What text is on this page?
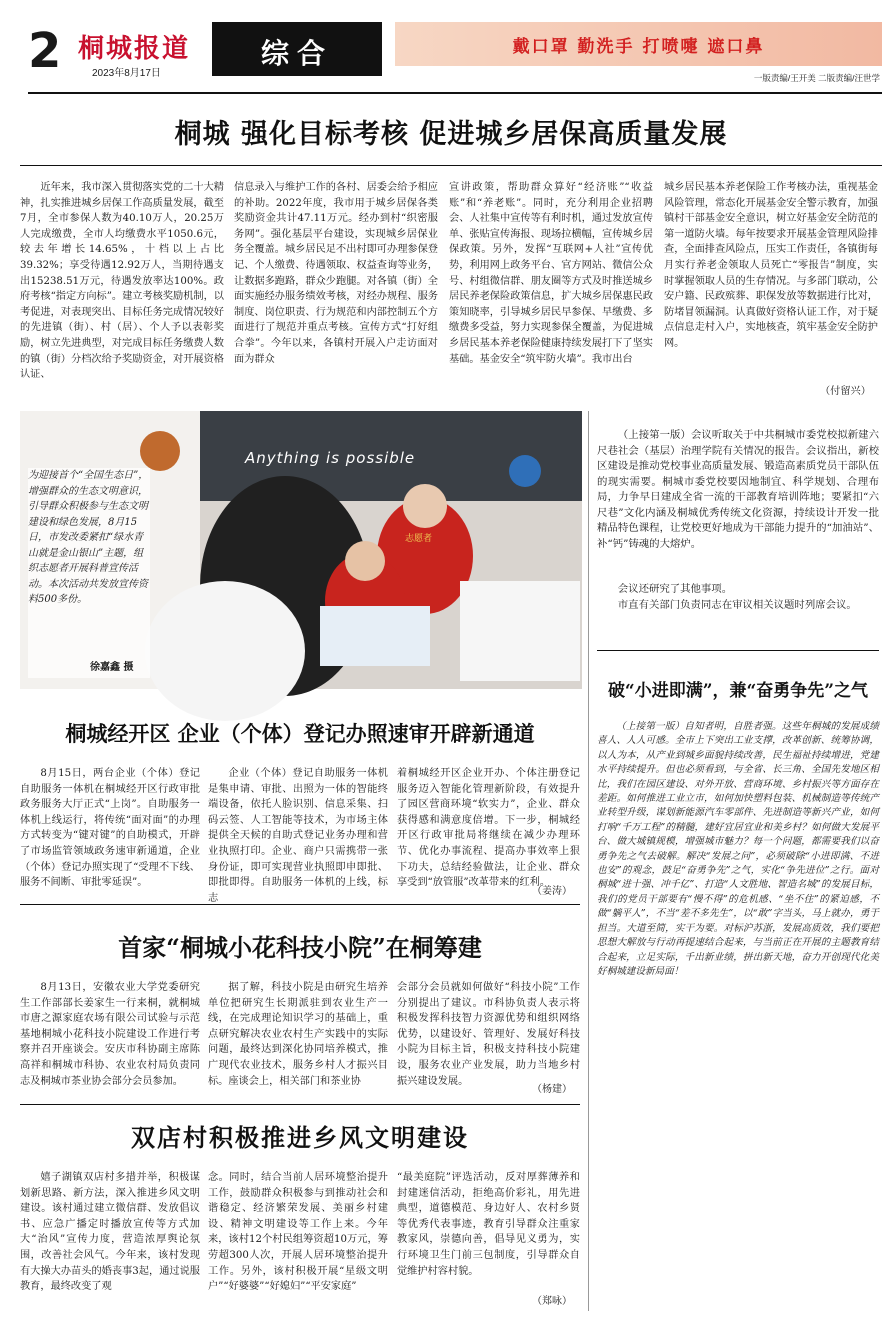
2 桐城报道
2023年8月17日
综合	戴口罩 勤洗手 打喷嚏 遮口鼻
一版责编/王开美 二版责编/汪世学
桐城 强化目标考核 促进城乡居保高质量发展
近年来，我市深入贯彻落实党的二十大精神，扎实推进城乡居保工作高质量发展，截至7月，全市参保人数为40.10万人，20.25万人完成缴费，全市人均缴费水平1050.6元，较去年增长14.65%，十档以上占比39.32%；享受待遇12.92万人，当期待遇支出15238.51万元，待遇发放率达100%。政府考核“指定方向标”。建立考核奖励机制，以考促进，对表现突出、目标任务完成情况较好的先进镇（街）、村（居）、个人予以表彰奖励，树立先进典型，对完成目标任务缴费人数的镇（街）分档次给予奖励资金，对开展资格认证、
信息录入与维护工作的各村、居委会给予相应的补助。2022年度，我市用于城乡居保各类奖励资金共计47.11万元。经办到村“织密服务网”。强化基层平台建设，实现城乡居保业务全覆盖。城乡居民足不出村即可办理参保登记、个人缴费、待遇领取、权益查询等业务，让数据多跑路，群众少跑腿。对各镇（街）全面实施经办服务绩效考核，对经办规程、服务制度、岗位职责、行为规范和内部控制五个方面进行了规范并重点考核。宣传方式“打好组合拳”。今年以来，各镇村开展入户走访面对面为群众
宣讲政策，帮助群众算好“经济账”“收益账”和“养老账”。同时，充分利用企业招聘会、人社集中宣传等有利时机，通过发放宣传单、张贴宣传海报、现场拉横幅，宣传城乡居保政策。另外，发挥“互联网+人社”宣传优势，利用网上政务平台、官方网站、微信公众号、村组微信群、朋友圈等方式及时推送城乡居民养老保险政策信息，扩大城乡居保惠民政策知晓率，引导城乡居民早参保、早缴费、多缴费多受益，努力实现参保全覆盖，为促进城乡居民基本养老保险健康持续发展打下了坚实基础。基金安全“筑牢防火墙”。我市出台
城乡居民基本养老保险工作考核办法，重视基金风险管理，常态化开展基金安全警示教育，加强镇村干部基金安全意识，树立好基金安全防范的第一道防火墙。每年按要求开展基金管理风险排查，全面排查风险点，压实工作责任，各镇街每月实行养老金领取人员死亡“零报告”制度，实时掌握领取人员的生存情况。与多部门联动，公安户籍、民政殡葬、职保发放等数据进行比对，防堵冒领漏洞。认真做好资格认证工作，对于疑点信息走村入户，实地核查，筑牢基金安全防护网。
（付留兴）
Anything is possible
志愿者
为迎接首个“全国生态日”，增强群众的生态文明意识，引导群众积极参与生态文明建设和绿色发展，8月15日，市发改委紧扣“绿水青山就是金山银山”主题，组织志愿者开展科普宣传活动。本次活动共发放宣传资料500多份。
徐嘉鑫 摄
（上接第一版）会议听取关于中共桐城市委党校拟新建六尺巷社会（基层）治理学院有关情况的报告。会议指出，新校区建设是推动党校事业高质量发展、锻造高素质党员干部队伍的现实需要。桐城市委党校要因地制宜、科学规划、合理布局，力争早日建成全省一流的干部教育培训阵地；要紧扣“六尺巷”文化内涵及桐城优秀传统文化资源，持续设计开发一批精品特色课程，让党校更好地成为干部能力提升的“加油站”、补“钙”铸魂的大熔炉。
会议还研究了其他事项。
市直有关部门负责同志在审议相关议题时列席会议。
破“小进即满”，兼“奋勇争先”之气
（上接第一版）自知者明，自胜者强。这些年桐城的发展成绩喜人、人人可感。全市上下突出工业支撑，改革创新、统筹协调，以人为本，从产业到城乡面貌持续改善，民生福祉持续增进，党建水平持续提升。但也必须看到，与全省、长三角、全国先发地区相比，我们在园区建设、对外开放、营商环境、乡村振兴等方面存在差距。如何推进工业立市，如何加快塑料包装、机械制造等传统产业转型升级，谋划新能源汽车零部件、先进制造等新兴产业，如何打响“千万工程”的精髓，建好宜居宜业和美乡村？如何做大发展平台、做大城镇规模，增强城市魅力？每一个问题，都需要我们以奋勇争先之气去破解。解决“发展之问”，必须破除“小进即满、不进也安”的观念，鼓足“奋勇争先”之气，实化“争先进位”之行。面对桐城“进十强、冲千亿”、打造“人文胜地、智造名城”的发展目标，我们的党员干部要有“慢不得”的危机感、“坐不住”的紧迫感，不做“躺平人”，不当“差不多先生”，以“敢”字当头，马上就办，勇于担当。大道至简，实干为要。对标沪苏浙，发展高质效，我们要把思想大解放与行动再提速结合起来，与当前正在开展的主题教育结合起来，立足实际，千出新业绩，拼出新天地，奋力开创现代化美好桐城建设新局面！
桐城经开区 企业（个体）登记办照速审开辟新通道
8月15日，两台企业（个体）登记自助服务一体机在桐城经开区行政审批政务服务大厅正式“上岗”。自助服务一体机上线运行，将传统“面对面”的办理方式转变为“键对键”的自助模式，开辟了市场监管领域政务速审新通道，企业（个体）登记办照实现了“受理不下线、服务不间断、审批零延误”。
企业（个体）登记自助服务一体机是集申请、审批、出照为一体的智能终端设备，依托人脸识别、信息采集、扫码云签、人工智能等技术，为市场主体提供全天候的自助式登记业务办理和营业执照打印。企业、商户只需携带一张身份证，即可实现营业执照即申即批、即批即得。自助服务一体机的上线，标志
着桐城经开区企业开办、个体注册登记服务迈入智能化管理新阶段，有效提升了园区营商环境“软实力”，企业、群众获得感和满意度倍增。下一步，桐城经开区行政审批局将继续在减少办理环节、优化办事流程、提高办事效率上狠下功夫，总结经验做法，让企业、群众享受到“放管服”改革带来的红利。
（姜涛）
首家“桐城小花科技小院”在桐筹建
8月13日，安徽农业大学党委研究生工作部部长姜家生一行来桐，就桐城市唐之源家庭农场有限公司试验与示范基地桐城小花科技小院建设工作进行考察并召开座谈会。安庆市科协副主席陈高祥和桐城市科协、农业农村局负责同志及桐城市茶业协会部分会员参加。
据了解，科技小院是由研究生培养单位把研究生长期派驻到农业生产一线，在完成理论知识学习的基础上，重点研究解决农业农村生产实践中的实际问题，最终达到深化协同培养模式，推广现代农业技术，服务乡村人才振兴目标。座谈会上，相关部门和茶业协
会部分会员就如何做好“科技小院”工作分别提出了建议。市科协负责人表示将积极发挥科技智力资源优势和组织网络优势，以建设好、管理好、发展好科技小院为目标主旨，积极支持科技小院建设，服务农业产业发展，助力当地乡村振兴建设发展。
（杨建）
双店村积极推进乡风文明建设
嬉子湖镇双店村多措并举，积极谋划新思路、新方法，深入推进乡风文明建设。该村通过建立微信群、发放倡议书、应急广播定时播放宣传等方式加大“治风”宣传力度，营造浓厚舆论氛围，改善社会风气。今年来，该村发现有大操大办苗头的婚丧事3起，通过说服教育，最终改变了观
念。同时，结合当前人居环境整治提升工作，鼓励群众积极参与到推动社会和谐稳定、经济繁荣发展、美丽乡村建设、精神文明建设等工作上来。今年来，该村12个村民组筹资超10万元，筹劳超300人次，开展人居环境整治提升工作。另外，该村积极开展“星级文明户”“好婆婆”“好媳妇”“平安家庭”
“最美庭院”评选活动，反对厚葬薄养和封建迷信活动，拒绝高价彩礼，用先进典型，道德模范、身边好人、农村乡贤等优秀代表事迹，教育引导群众注重家教家风，崇德向善，倡导见义勇为，实行环境卫生门前三包制度，引导群众自觉维护村容村貌。
（郑咏）
